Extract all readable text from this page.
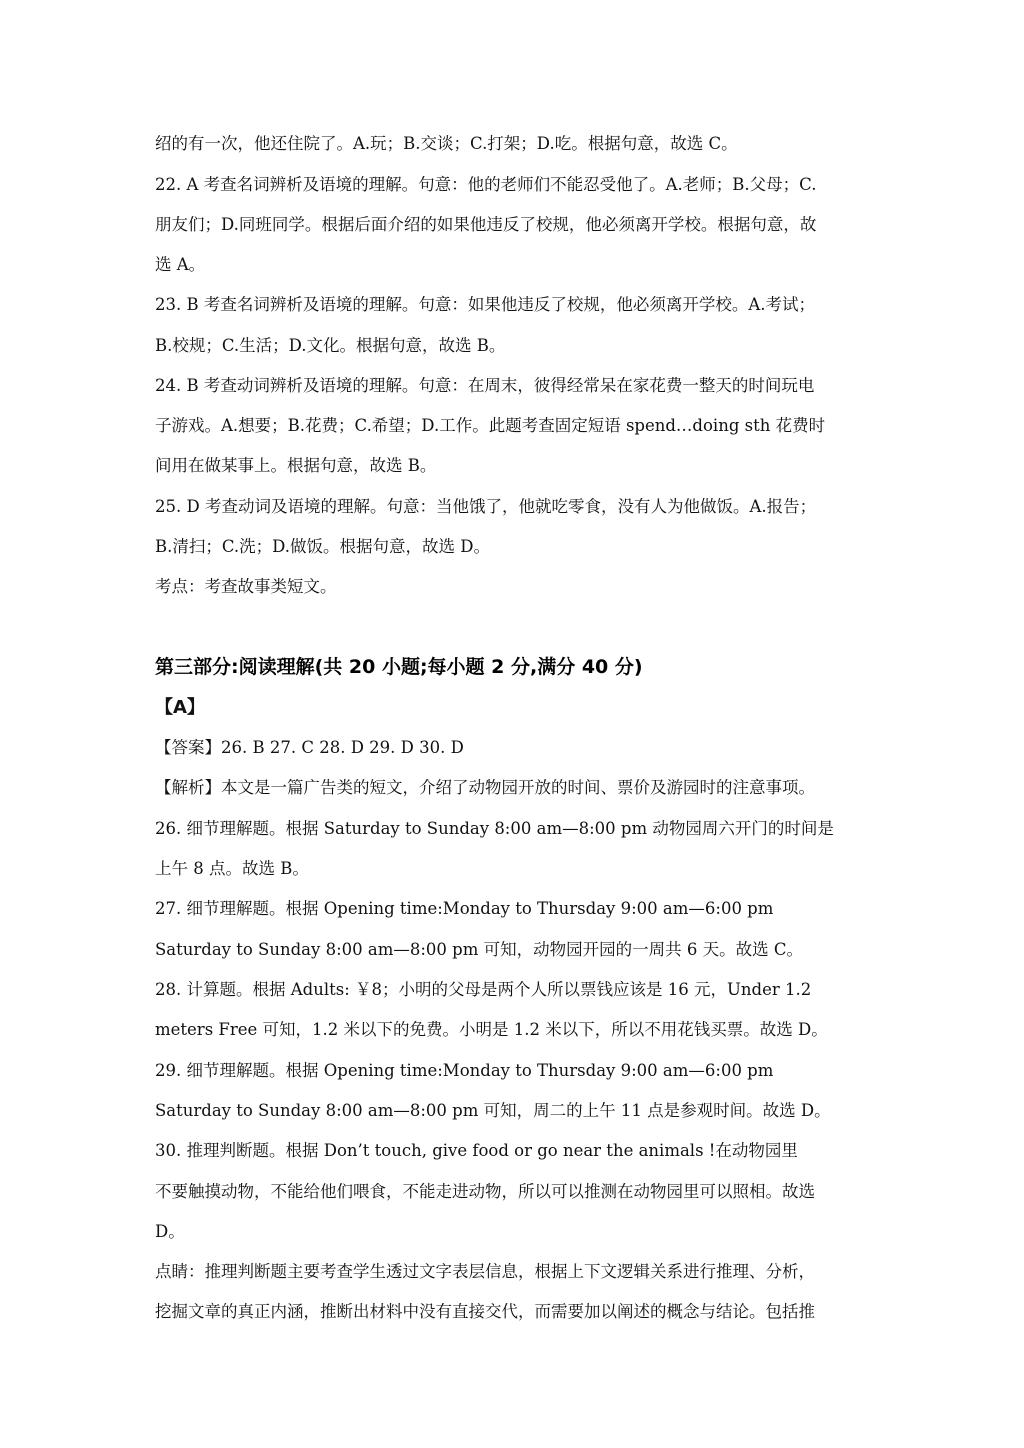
绍的有一次，他还住院了。A.玩；B.交谈；C.打架；D.吃。根据句意，故选 C。
22. A 考查名词辨析及语境的理解。句意：他的老师们不能忍受他了。A.老师；B.父母；C.
朋友们；D.同班同学。根据后面介绍的如果他违反了校规，他必须离开学校。根据句意，故
选 A。
23. B 考查名词辨析及语境的理解。句意：如果他违反了校规，他必须离开学校。A.考试；
B.校规；C.生活；D.文化。根据句意，故选 B。
24. B 考查动词辨析及语境的理解。句意：在周末，彼得经常呆在家花费一整天的时间玩电
子游戏。A.想要；B.花费；C.希望；D.工作。此题考查固定短语 spend…doing sth 花费时
间用在做某事上。根据句意，故选 B。
25. D 考查动词及语境的理解。句意：当他饿了，他就吃零食，没有人为他做饭。A.报告；
B.清扫；C.洗；D.做饭。根据句意，故选 D。
考点：考查故事类短文。
第三部分:阅读理解(共 20 小题;每小题 2 分,满分 40 分)
【A】
【答案】26. B 27. C 28. D 29. D 30. D
【解析】本文是一篇广告类的短文，介绍了动物园开放的时间、票价及游园时的注意事项。
26. 细节理解题。根据 Saturday to Sunday 8:00 am—8:00 pm 动物园周六开门的时间是
上午 8 点。故选 B。
27. 细节理解题。根据 Opening time:Monday to Thursday 9:00 am—6:00 pm
Saturday to Sunday 8:00 am—8:00 pm 可知，动物园开园的一周共 6 天。故选 C。
28. 计算题。根据 Adults: ￥8；小明的父母是两个人所以票钱应该是 16 元，Under 1.2
meters Free 可知，1.2 米以下的免费。小明是 1.2 米以下，所以不用花钱买票。故选 D。
29. 细节理解题。根据 Opening time:Monday to Thursday 9:00 am—6:00 pm
Saturday to Sunday 8:00 am—8:00 pm 可知，周二的上午 11 点是参观时间。故选 D。
30. 推理判断题。根据 Don’t touch, give food or go near the animals !在动物园里
不要触摸动物，不能给他们喂食，不能走进动物，所以可以推测在动物园里可以照相。故选
D。
点睛：推理判断题主要考查学生透过文字表层信息，根据上下文逻辑关系进行推理、分析，
挖掘文章的真正内涵，推断出材料中没有直接交代，而需要加以阐述的概念与结论。包括推
